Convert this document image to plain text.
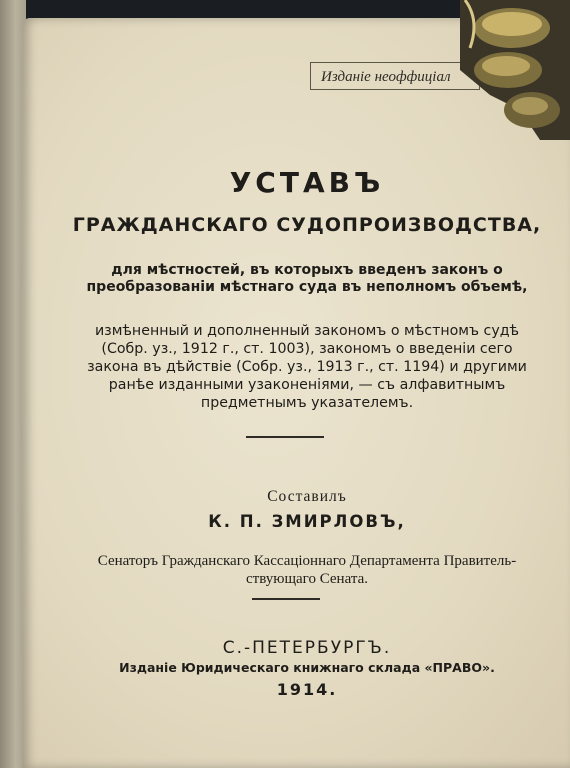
Изданіе неоффиціал
УСТАВЪ
ГРАЖДАНСКАГО СУДОПРОИЗВОДСТВА,
для мѣстностей, въ которыхъ введенъ законъ о
преобразованіи мѣстнаго суда въ неполномъ объемѣ,
измѣненный и дополненный закономъ о мѣстномъ судѣ
(Собр. уз., 1912 г., ст. 1003), закономъ о введеніи сего
закона въ дѣйствіе (Собр. уз., 1913 г., ст. 1194) и другими
ранѣе изданными узаконеніями, — съ алфавитнымъ
предметнымъ указателемъ.
Составилъ
К. П. ЗМИРЛОВЪ,
Сенаторъ Гражданскаго Кассаціоннаго Департамента Правитель-
ствующаго Сената.
С.-ПЕТЕРБУРГЪ.
Изданіе Юридическаго книжнаго склада «ПРАВО».
1914.
